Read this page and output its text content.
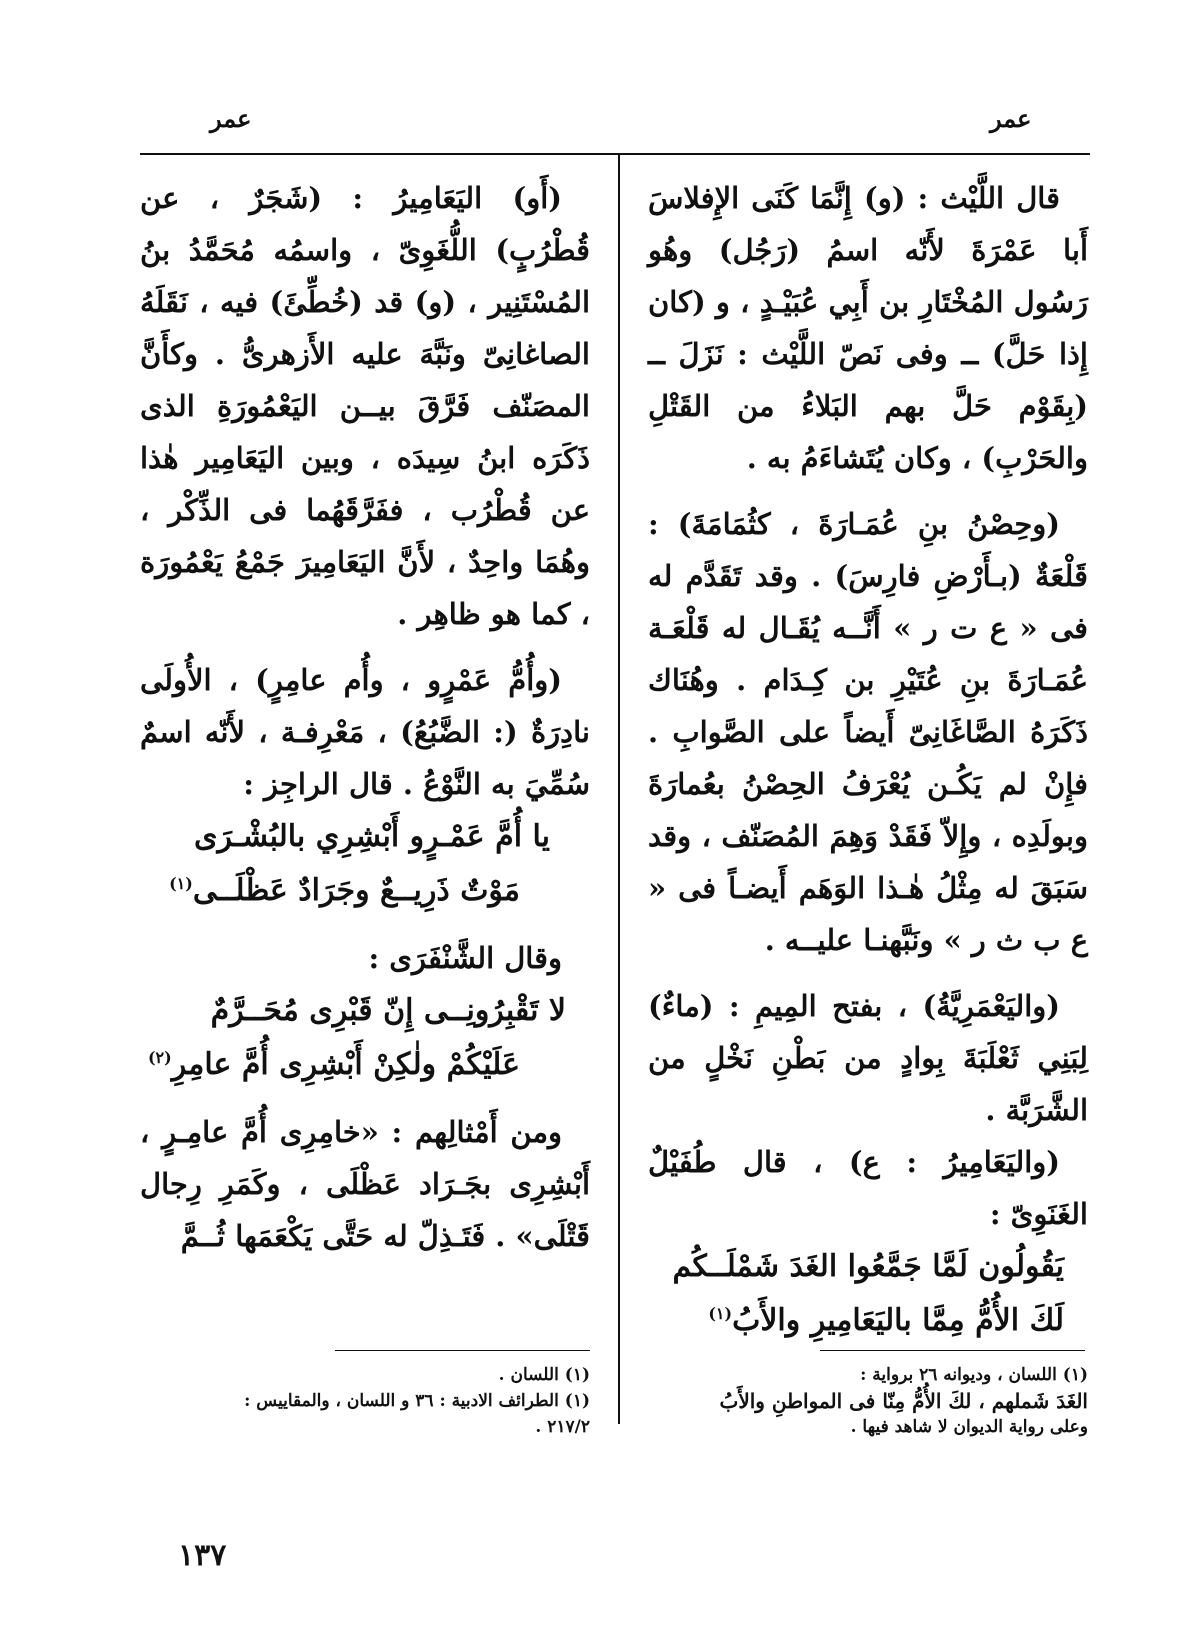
عمر
عمر

قال اللَّيْث : (و) إِنَّمَا كَنَى الإِفلاسَ أَبا عَمْرَةَ لأَنّه اسمُ (رَجُل) وهُو رَسُول المُخْتَارِ بن أَبِي عُبَيْـدٍ ، و (كان إِذا حَلَّ) ــ وفى نَصّ اللَّيْث : نَزَلَ ــ (بِقَوْم حَلَّ بهم البَلاءُ من القَتْلِ والحَرْبِ) ، وكان يُتَشاءَمُ به .

(وحِصْنُ بنِ عُمَـارَةَ ، كثُمَامَةَ) : قَلْعَةٌ (بـأَرْضِ فارِسَ) . وقد تَقَدَّم له فى « ع ت ر » أَنَّــه يُقَـال له قَلْعَـة عُمَـارَةَ بنِ عُتَيْرِ بن كِـدَام . وهُنَاك ذَكَرَهُ الصَّاغَانِىّ أَيضاً على الصَّوابِ . فإِنْ لم يَكُـن يُعْرَفُ الحِصْنُ بعُمارَةَ وبولَدِه ، وإِلاّ فَقَدْ وَهِمَ المُصَنّف ، وقد سَبَقَ له مِثْلُ هٰـذا الوَهَم أَيضـاً فى « ع ب ث ر » ونَبَّهنـا عليــه .

(واليَعْمَرِيَّةُ) ، بفتح المِيمِ : (ماءٌ) لِبَنِي ثَعْلَبَةَ بِوادٍ من بَطْنِ نَخْلٍ من الشَّرَبَّة .

(واليَعَامِيرُ : ع) ، قال طُفَيْلٌ الغَنَوِىّ :

يَقُولُون لَمَّا جَمَّعُوا الغَدَ شَمْلَــكُم
لَكَ الأُمُّ مِمَّا باليَعَامِيرِ والأَبُ$^{(١)}$

(أَو) اليَعَامِيرُ : (شَجَرٌ ، عن قُطْرُبٍ) اللُّغَوِىّ ، واسمُه مُحَمَّدُ بنُ المُسْتَنِير ، (و) قد (خُطِّئَ) فيه ، نَقَلَهُ الصاغانِىّ ونَبَّهَ عليه الأَزهرىُّ . وكأَنَّ المصَنّف فَرَّقَ بيــن اليَعْمُورَةِ الذى ذَكَرَه ابنُ سِيدَه ، وبين اليَعَامِير هٰذا عن قُطْرُب ، ففَرَّقَهُما فى الذِّكْر ، وهُمَا واحِدٌ ، لأَنَّ اليَعَامِيرَ جَمْعُ يَعْمُورَة ، كما هو ظاهِر .

(وأُمُّ عَمْرٍو ، وأُم عامِرٍ) ، الأُولَى نادِرَةٌ (: الضَّبُعُ) ، مَعْرِفـة ، لأَنّه اسمٌ سُمِّيَ به النَّوْعُ . قال الراجِز :

يا أُمَّ عَمْـرٍو أَبْشِرِي بالبُشْـرَى
مَوْتٌ ذَرِيــعٌ وجَرَادٌ عَظْلَــى$^{(١)}$

وقال الشَّنْفَرَى :

لا تَقْبِرُونِــى إِنّ قَبْرِى مُحَــرَّمٌ
عَلَيْكُمْ ولٰكِنْ أَبْشِرِى أُمَّ عامِرِ$^{(٢)}$

ومن أَمْثالِهم : «خامِرِى أُمَّ عامِـرٍ ، أَبْشِرِى بجَـرَاد عَظْلَى ، وكَمَرِ رِجال قَتْلَى» . فَتَـذِلّ له حَتَّى يَكْعَمَها ثُــمَّ

(١) اللسان ، وديوانه ٢٦ برواية :
الغَدَ شَملهم ، لكَ الأُمُّ مِنّا فى المواطنِ والأَبُ
وعلى رواية الديوان لا شاهد فيها .
(١) اللسان .
(١) الطرائف الادبية : ٣٦ و اللسان ، والمقاييس :
٢١٧/٢ .
١٣٧
